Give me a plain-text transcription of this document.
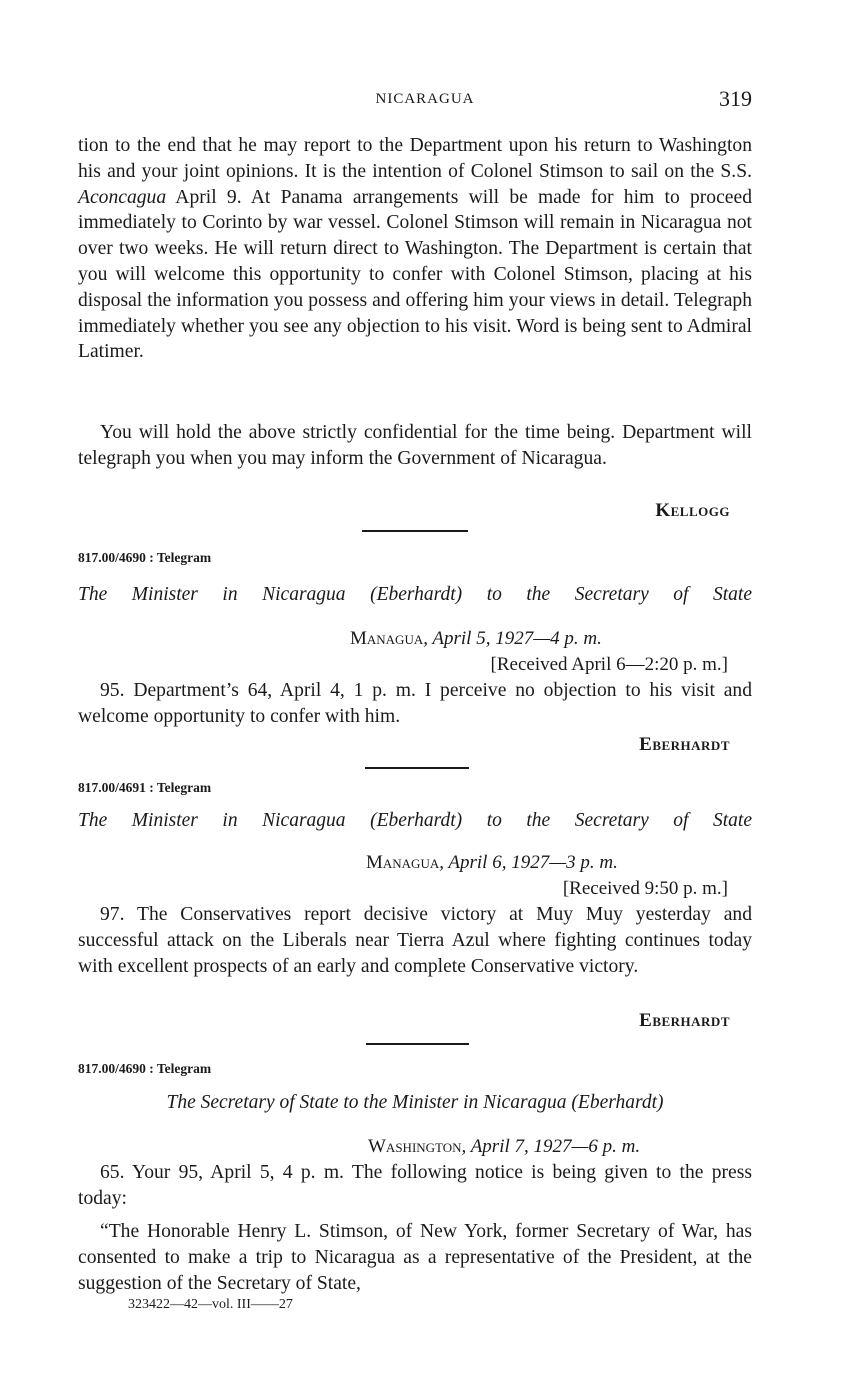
NICARAGUA	319
tion to the end that he may report to the Department upon his return to Washington his and your joint opinions. It is the intention of Colonel Stimson to sail on the S.S. Aconcagua April 9. At Panama arrangements will be made for him to proceed immediately to Corinto by war vessel. Colonel Stimson will remain in Nicaragua not over two weeks. He will return direct to Washington. The Department is certain that you will welcome this opportunity to confer with Colonel Stimson, placing at his disposal the information you possess and offering him your views in detail. Telegraph immediately whether you see any objection to his visit. Word is being sent to Admiral Latimer.
You will hold the above strictly confidential for the time being. Department will telegraph you when you may inform the Government of Nicaragua.
Kellogg
817.00/4690 : Telegram
The Minister in Nicaragua (Eberhardt) to the Secretary of State
Managua, April 5, 1927—4 p. m.
[Received April 6—2:20 p. m.]
95. Department’s 64, April 4, 1 p. m. I perceive no objection to his visit and welcome opportunity to confer with him.
Eberhardt
817.00/4691 : Telegram
The Minister in Nicaragua (Eberhardt) to the Secretary of State
Managua, April 6, 1927—3 p. m.
[Received 9:50 p. m.]
97. The Conservatives report decisive victory at Muy Muy yesterday and successful attack on the Liberals near Tierra Azul where fighting continues today with excellent prospects of an early and complete Conservative victory.
Eberhardt
817.00/4690 : Telegram
The Secretary of State to the Minister in Nicaragua (Eberhardt)
Washington, April 7, 1927—6 p. m.
65. Your 95, April 5, 4 p. m. The following notice is being given to the press today:
“The Honorable Henry L. Stimson, of New York, former Secretary of War, has consented to make a trip to Nicaragua as a representative of the President, at the suggestion of the Secretary of State,
323422—42—vol. III——27
